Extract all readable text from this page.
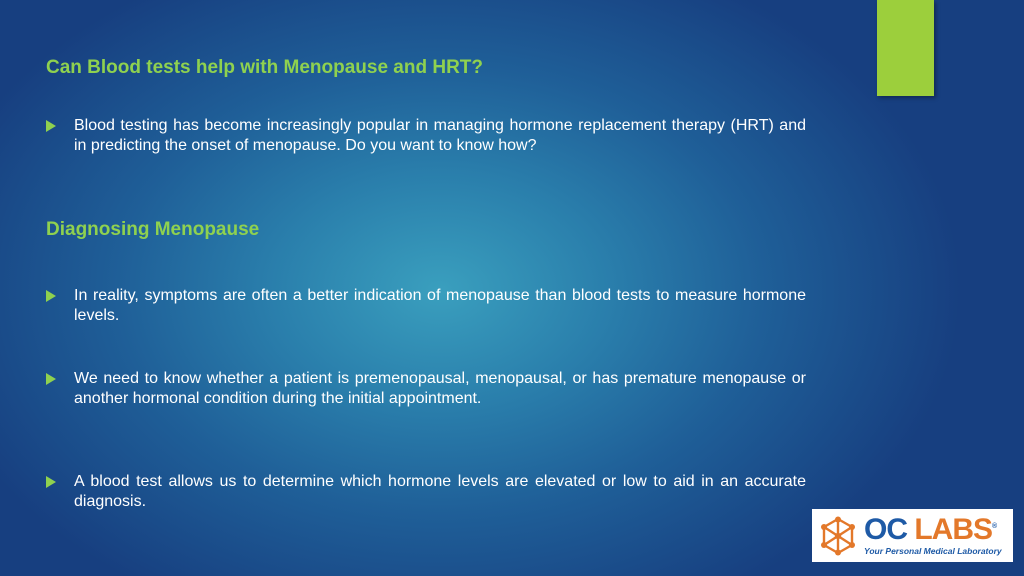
Can Blood tests help with Menopause and HRT?
Blood testing has become increasingly popular in managing hormone replacement therapy (HRT) and in predicting the onset of menopause. Do you want to know how?
Diagnosing Menopause
In reality, symptoms are often a better indication of menopause than blood tests to measure hormone levels.
We need to know whether a patient is premenopausal, menopausal, or has premature menopause or another hormonal condition during the initial appointment.
A blood test allows us to determine which hormone levels are elevated or low to aid in an accurate diagnosis.
OC LABS®
Your Personal Medical Laboratory
